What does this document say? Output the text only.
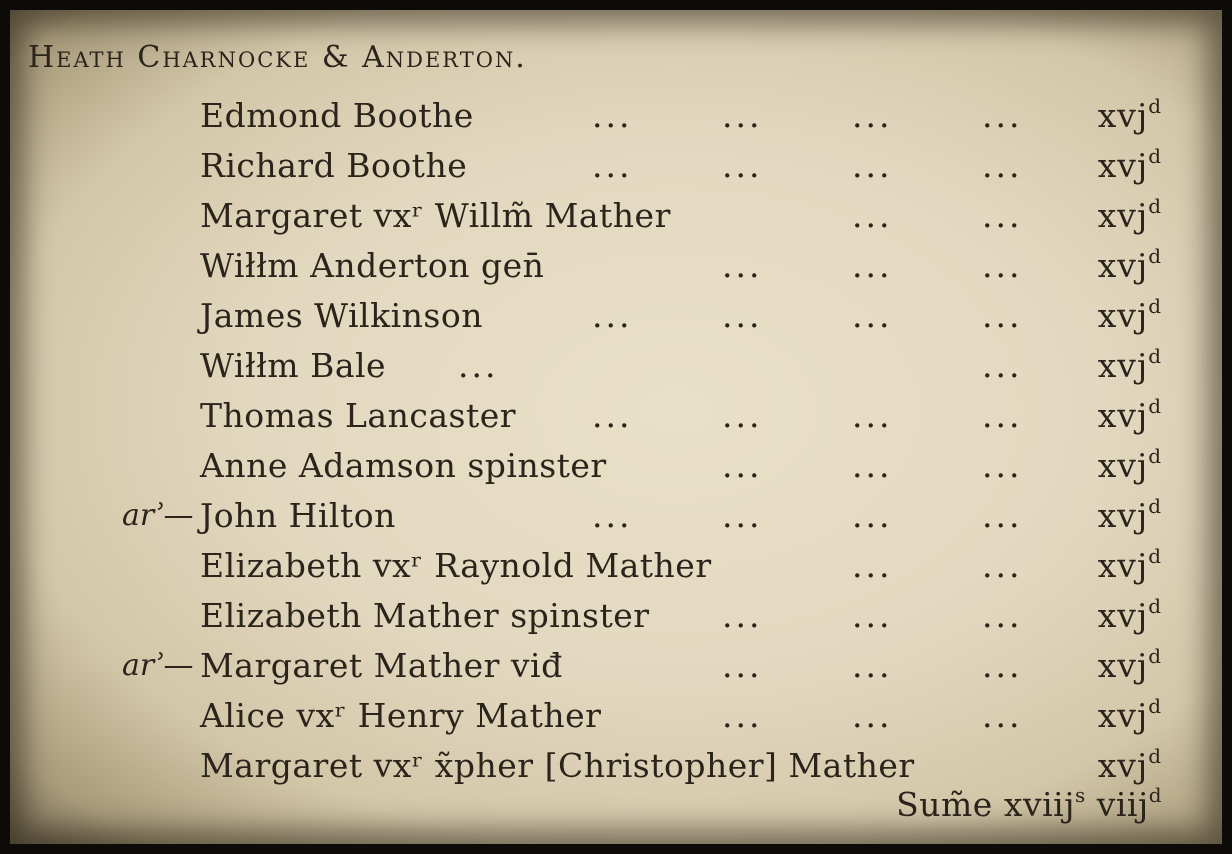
Heath Charnocke & Anderton.
Edmond Boothe	...	...	...	... xvj$^d$
Richard Boothe	...	...	...	... xvj$^d$
Margaret vxʳ Willm̃ Mather	...	... xvj$^d$
Wiłłm Anderton gen̄	...	...	... xvj$^d$
James Wilkinson	...	...	...	... xvj$^d$
Wiłłm Bale ...	... xvj$^d$
Thomas Lancaster ...	...	...	... xvj$^d$
Anne Adamson spinster	...	...	... xvj$^d$
arʾ— John Hilton	...	...	...	... xvj$^d$
Elizabeth vxʳ Raynold Mather	...	... xvj$^d$
Elizabeth Mather spinster ...	...	... xvj$^d$
arʾ— Margaret Mather viđ	...	...	... xvj$^d$
Alice vxʳ Henry Mather	...	...	... xvj$^d$
Margaret vxʳ x̃pher [Christopher] Mather	xvj$^d$
Sum̃e xviij$^s$ viij$^d$
